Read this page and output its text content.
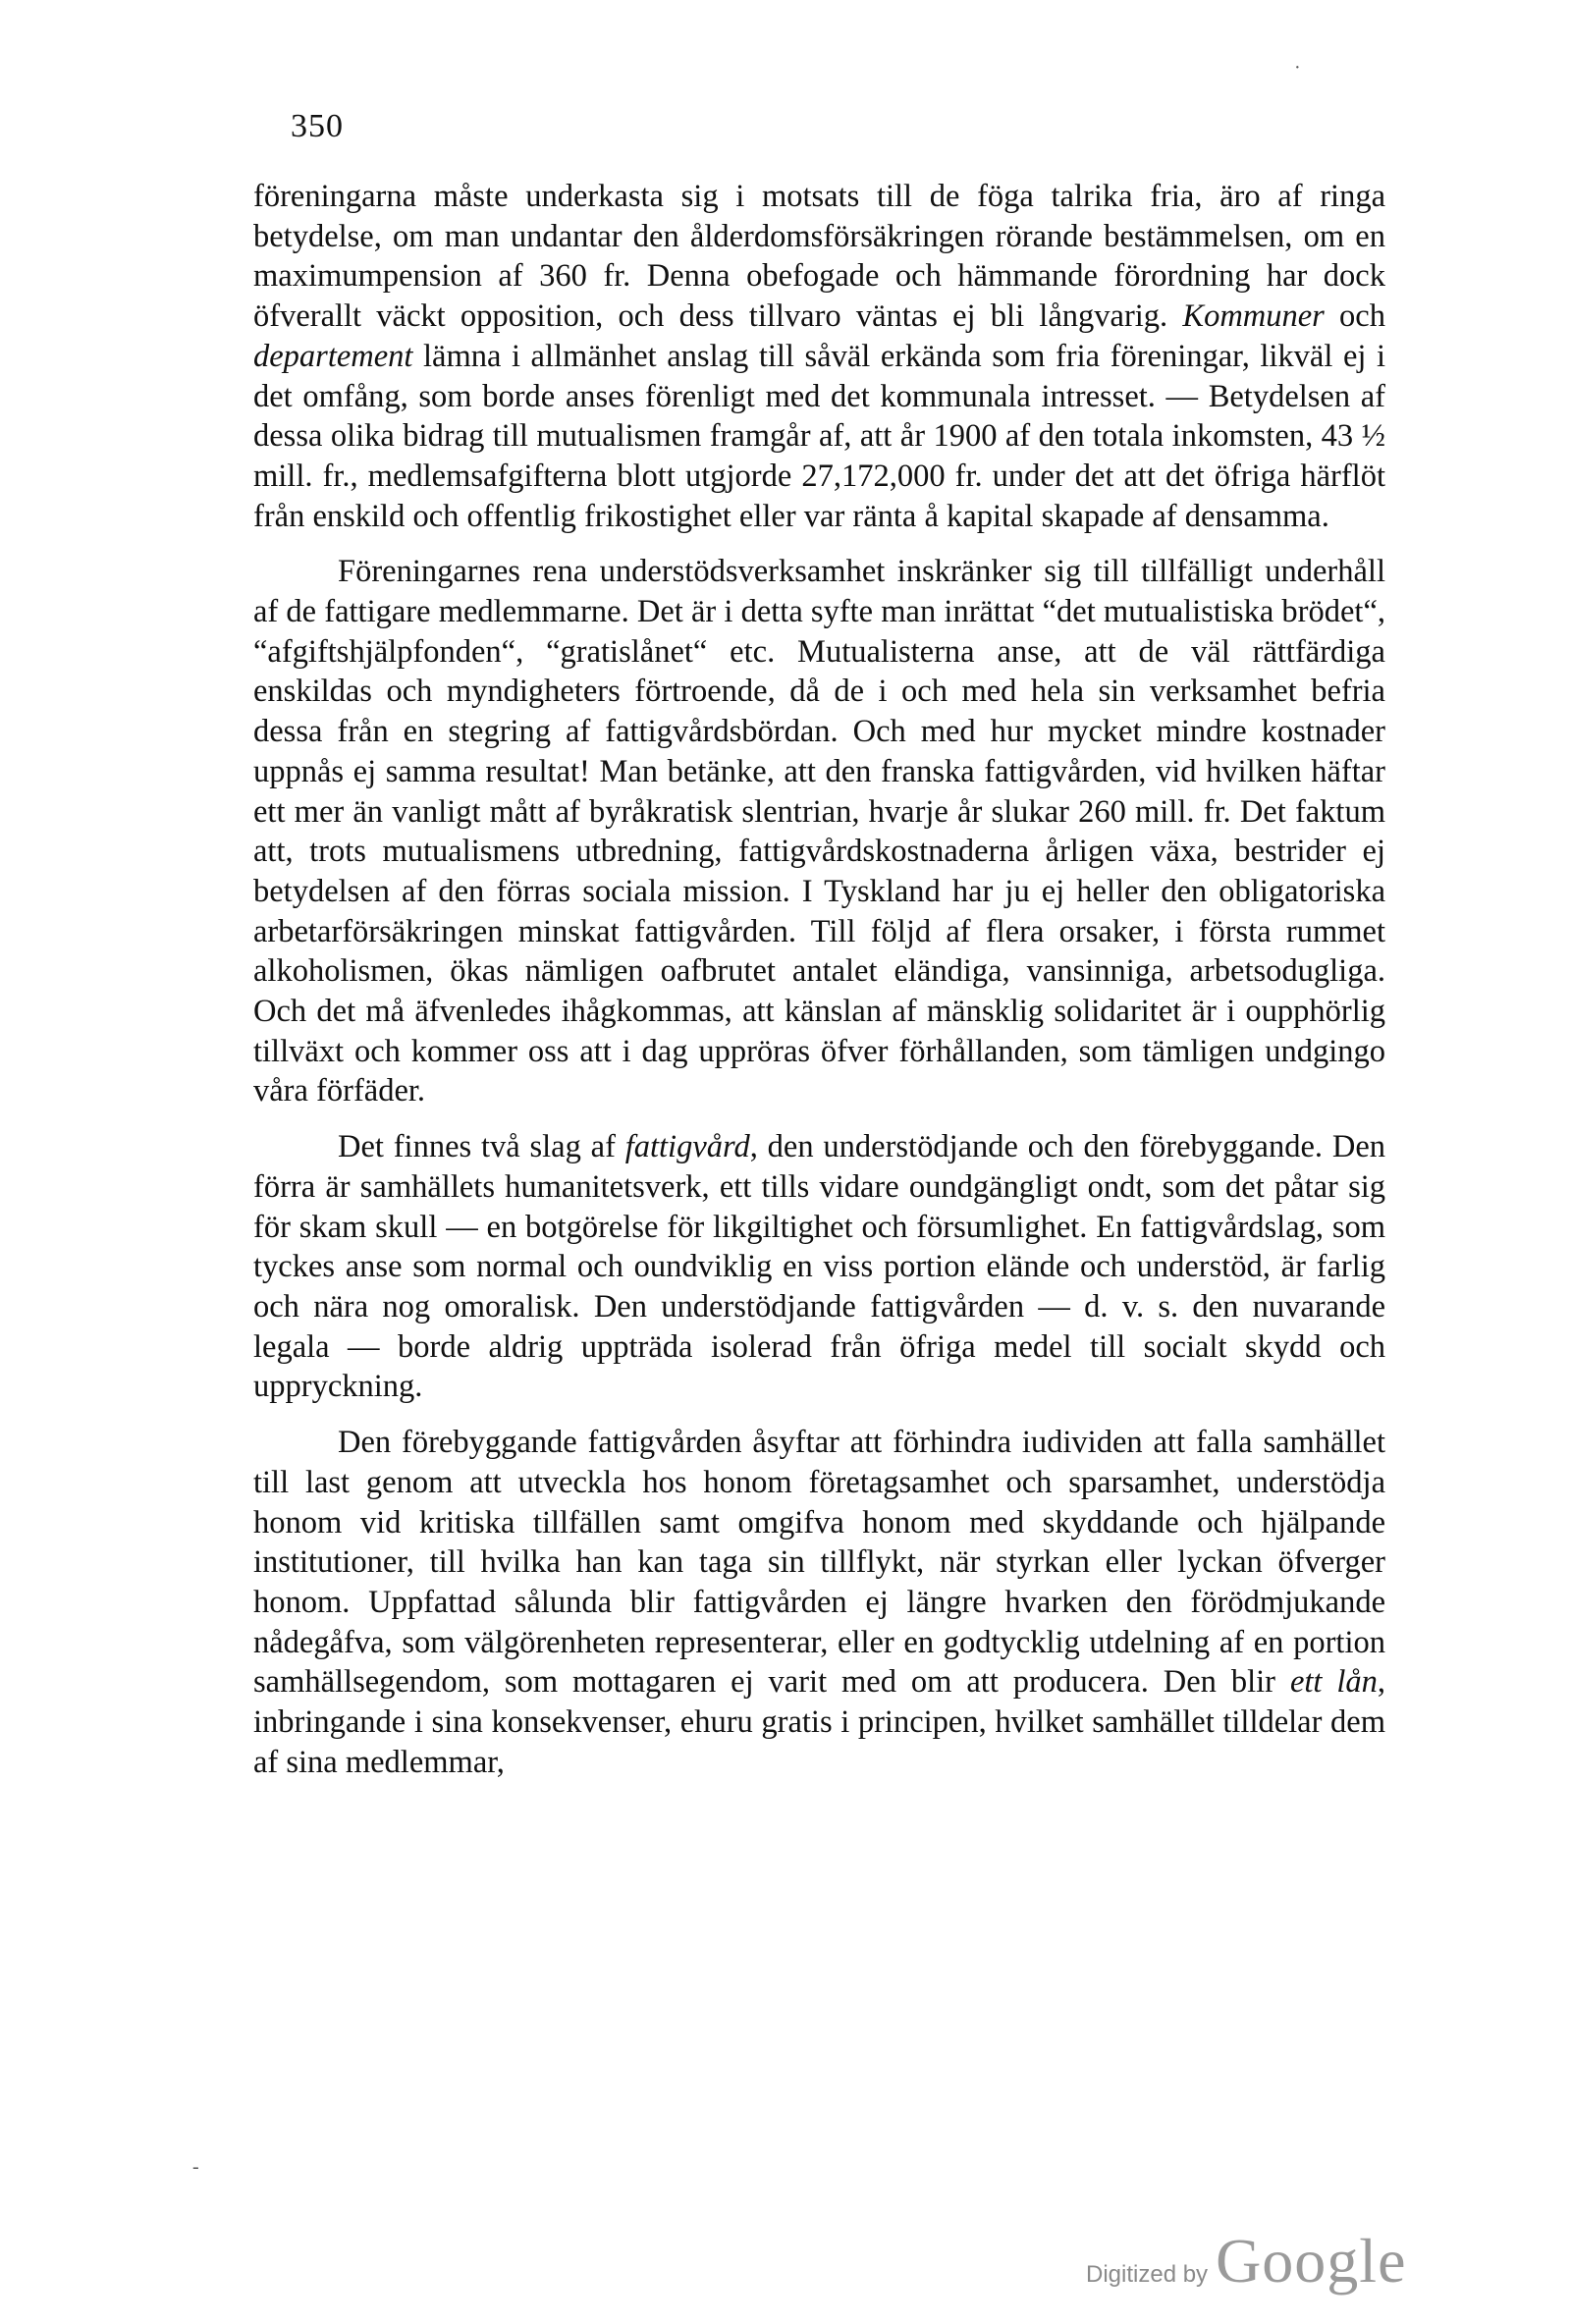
350

föreningarna måste underkasta sig i motsats till de föga talrika fria, äro af ringa betydelse, om man undantar den ålderdomsförsäkringen rörande bestämmelsen, om en maximumpension af 360 fr. Denna obefogade och hämmande förordning har dock öfverallt väckt opposition, och dess tillvaro väntas ej bli långvarig. Kommuner och departement lämna i allmänhet anslag till såväl erkända som fria föreningar, likväl ej i det omfång, som borde anses förenligt med det kommunala intresset. — Betydelsen af dessa olika bidrag till mutualismen framgår af, att år 1900 af den totala inkomsten, 43 ½ mill. fr., medlemsafgifterna blott utgjorde 27,172,000 fr. under det att det öfriga härflöt från enskild och offentlig frikostighet eller var ränta å kapital skapade af densamma.

Föreningarnes rena understödsverksamhet inskränker sig till tillfälligt underhåll af de fattigare medlemmarne. Det är i detta syfte man inrättat “det mutualistiska brödet“, “afgiftshjälpfonden“, “gratislånet“ etc. Mutualisterna anse, att de väl rättfärdiga enskildas och myndigheters förtroende, då de i och med hela sin verksamhet befria dessa från en stegring af fattigvårdsbördan. Och med hur mycket mindre kostnader uppnås ej samma resultat! Man betänke, att den franska fattigvården, vid hvilken häftar ett mer än vanligt mått af byråkratisk slentrian, hvarje år slukar 260 mill. fr. Det faktum att, trots mutualismens utbredning, fattigvårdskostnaderna årligen växa, bestrider ej betydelsen af den förras sociala mission. I Tyskland har ju ej heller den obligatoriska arbetarförsäkringen minskat fattigvården. Till följd af flera orsaker, i första rummet alkoholismen, ökas nämligen oafbrutet antalet eländiga, vansinniga, arbetsodugliga. Och det må äfvenledes ihågkommas, att känslan af mänsklig solidaritet är i oupphörlig tillväxt och kommer oss att i dag uppröras öfver förhållanden, som tämligen undgingo våra förfäder.

Det finnes två slag af fattigvård, den understödjande och den förebyggande. Den förra är samhällets humanitetsverk, ett tills vidare oundgängligt ondt, som det påtar sig för skam skull — en botgörelse för likgiltighet och försumlighet. En fattigvårdslag, som tyckes anse som normal och oundviklig en viss portion elände och understöd, är farlig och nära nog omoralisk. Den understödjande fattigvården — d. v. s. den nuvarande legala — borde aldrig uppträda isolerad från öfriga medel till socialt skydd och uppryckning.

Den förebyggande fattigvården åsyftar att förhindra iudividen att falla samhället till last genom att utveckla hos honom företagsamhet och sparsamhet, understödja honom vid kritiska tillfällen samt omgifva honom med skyddande och hjälpande institutioner, till hvilka han kan taga sin tillflykt, när styrkan eller lyckan öfverger honom. Uppfattad sålunda blir fattigvården ej längre hvarken den förödmjukande nådegåfva, som välgörenheten representerar, eller en godtycklig utdelning af en portion samhällsegendom, som mottagaren ej varit med om att producera. Den blir ett lån, inbringande i sina konsekvenser, ehuru gratis i principen, hvilket samhället tilldelar dem af sina medlemmar,

Digitized by Google
·
-
